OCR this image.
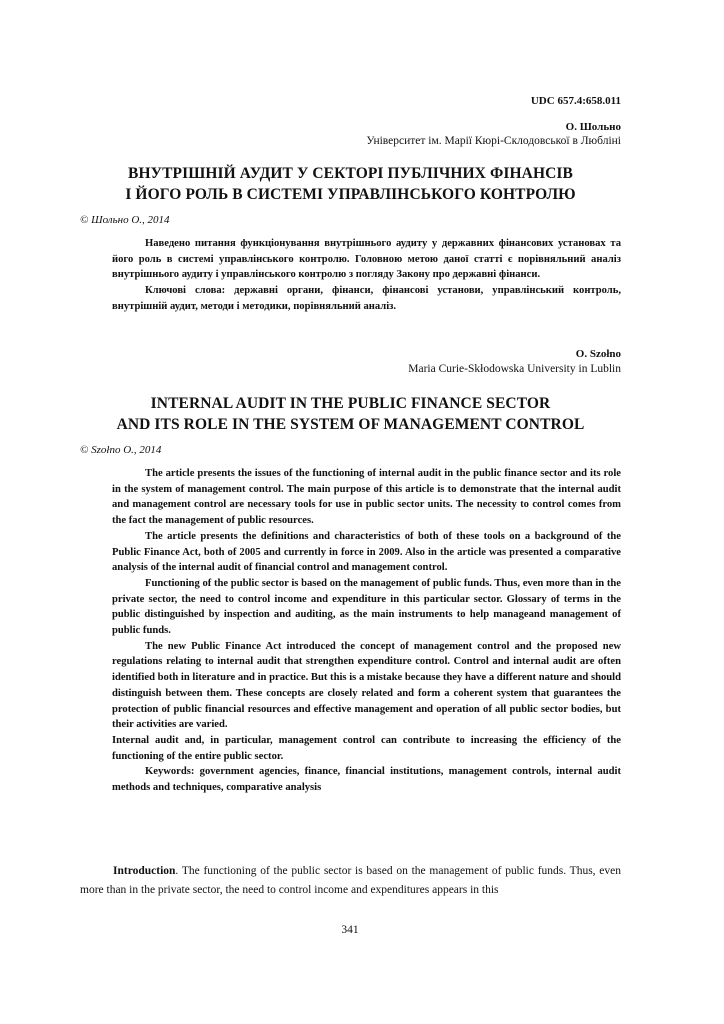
UDC 657.4:658.011
О. Шольно
Університет ім. Марії Кюрі-Склодовської в Любліні
ВНУТРІШНІЙ АУДИТ У СЕКТОРІ ПУБЛІЧНИХ ФІНАНСІВ
І ЙОГО РОЛЬ В СИСТЕМІ УПРАВЛІНСЬКОГО КОНТРОЛЮ
© Шольно О., 2014

Наведено питання функціонування внутрішнього аудиту у державних фінансових установах та його роль в системі управлінського контролю. Головною метою даної статті є порівняльний аналіз внутрішнього аудиту і управлінського контролю з погляду Закону про державні фінанси.

Ключові слова: державні органи, фінанси, фінансові установи, управлінський контроль, внутрішній аудит, методи і методики, порівняльний аналіз.

O. Szołno
Maria Curie-Skłodowska University in Lublin
INTERNAL AUDIT IN THE PUBLIC FINANCE SECTOR
AND ITS ROLE IN THE SYSTEM OF MANAGEMENT CONTROL
© Szołno O., 2014

The article presents the issues of the functioning of internal audit in the public finance sector and its role in the system of management control. The main purpose of this article is to demonstrate that the internal audit and management control are necessary tools for use in public sector units. The necessity to control comes from the fact the management of public resources.

The article presents the definitions and characteristics of both of these tools on a background of the Public Finance Act, both of 2005 and currently in force in 2009. Also in the article was presented a comparative analysis of the internal audit of financial control and management control.

Functioning of the public sector is based on the management of public funds. Thus, even more than in the private sector, the need to control income and expenditure in this particular sector. Glossary of terms in the public distinguished by inspection and auditing, as the main instruments to help manageand management of public funds.

The new Public Finance Act introduced the concept of management control and the proposed new regulations relating to internal audit that strengthen expenditure control. Control and internal audit are often identified both in literature and in practice. But this is a mistake because they have a different nature and should distinguish between them. These concepts are closely related and form a coherent system that guarantees the protection of public financial resources and effective management and operation of all public sector bodies, but their activities are varied.

Internal audit and, in particular, management control can contribute to increasing the efficiency of the functioning of the entire public sector.

Keywords: government agencies, finance, financial institutions, management controls, internal audit methods and techniques, comparative analysis

Introduction. The functioning of the public sector is based on the management of public funds. Thus, even more than in the private sector, the need to control income and expenditures appears in this

341
